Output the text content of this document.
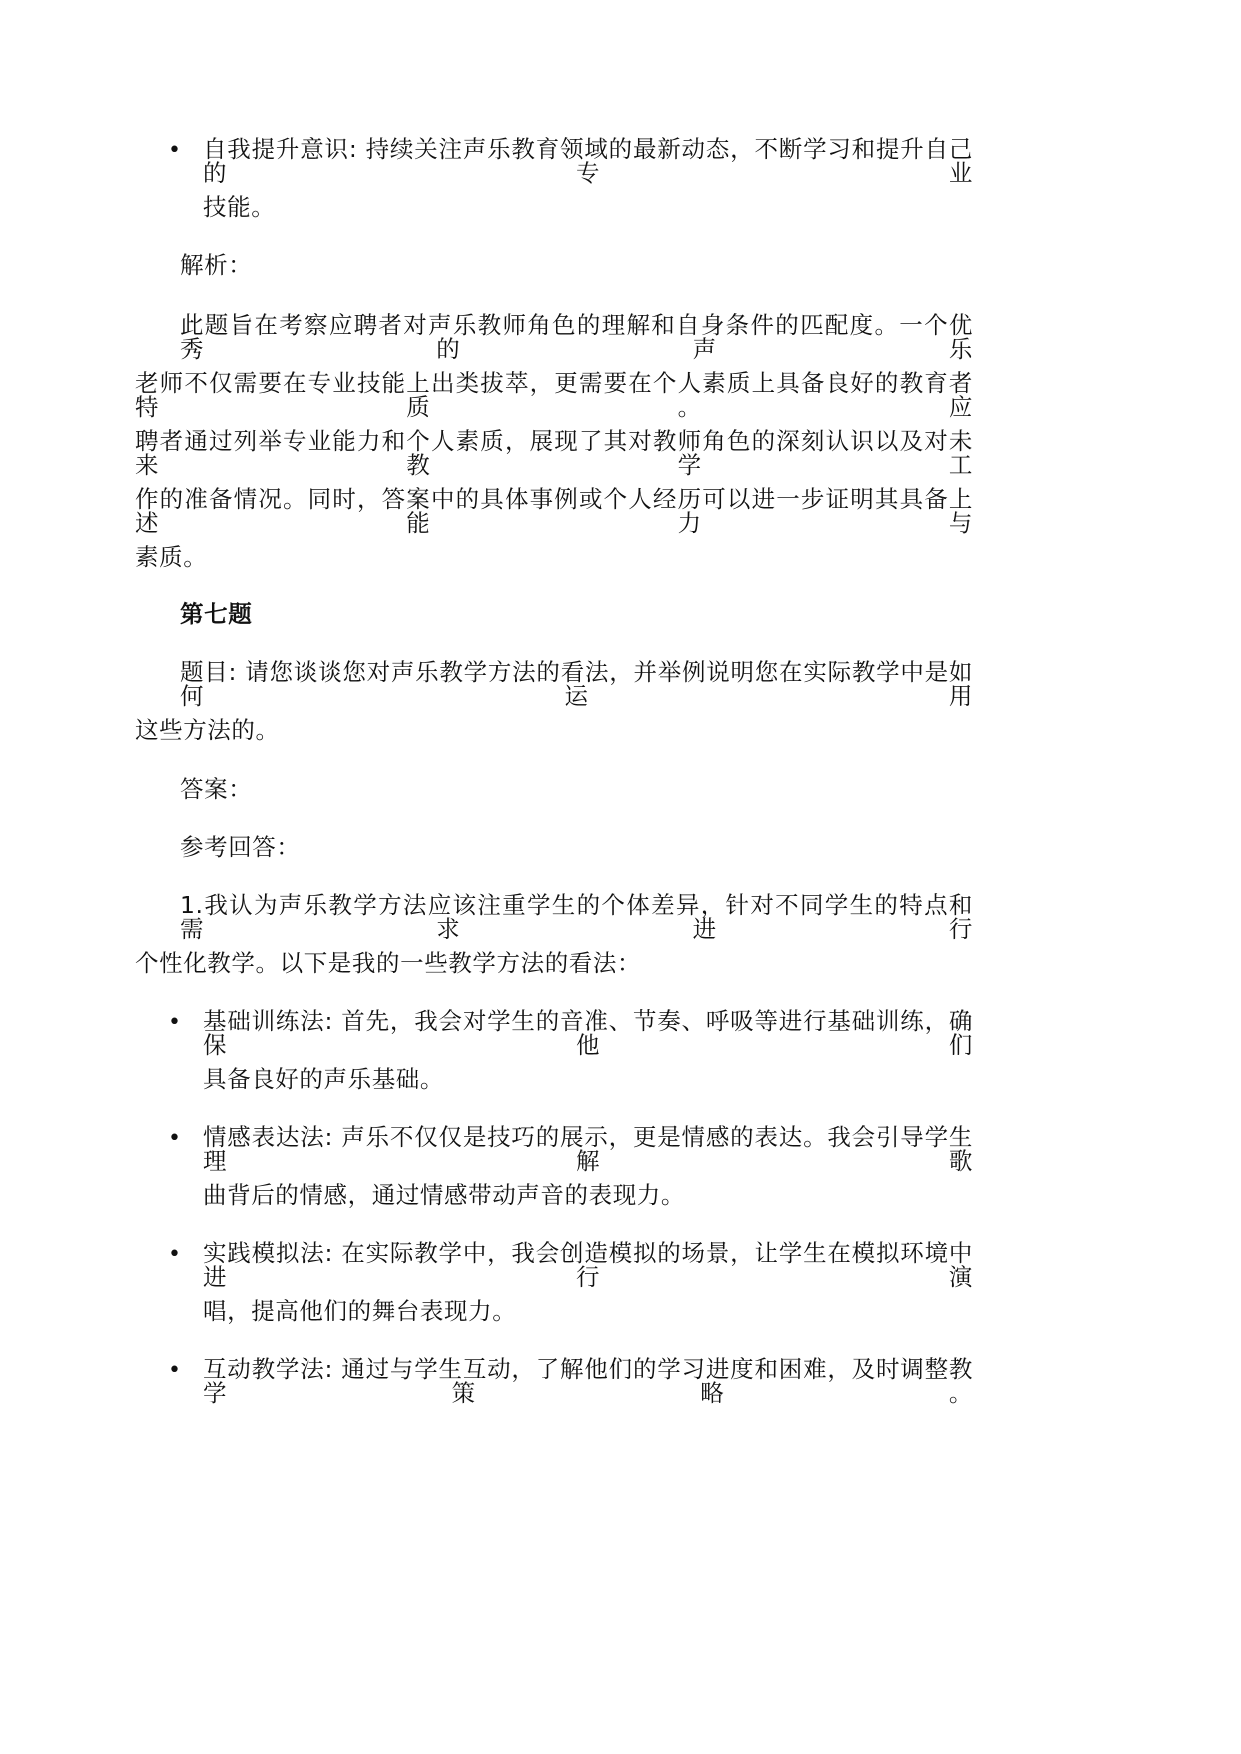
• 自我提升意识: 持续关注声乐教育领域的最新动态，不断学习和提升自己的专业
技能。
解析：
此题旨在考察应聘者对声乐教师角色的理解和自身条件的匹配度。一个优秀的声乐
老师不仅需要在专业技能上出类拔萃，更需要在个人素质上具备良好的教育者特质。应
聘者通过列举专业能力和个人素质，展现了其对教师角色的深刻认识以及对未来教学工
作的准备情况。同时，答案中的具体事例或个人经历可以进一步证明其具备上述能力与
素质。
第七题
题目: 请您谈谈您对声乐教学方法的看法，并举例说明您在实际教学中是如何运用
这些方法的。
答案：
参考回答：
1.我认为声乐教学方法应该注重学生的个体差异，针对不同学生的特点和需求进行
个性化教学。以下是我的一些教学方法的看法：
• 基础训练法: 首先，我会对学生的音准、节奏、呼吸等进行基础训练，确保他们
具备良好的声乐基础。
• 情感表达法: 声乐不仅仅是技巧的展示，更是情感的表达。我会引导学生理解歌
曲背后的情感，通过情感带动声音的表现力。
• 实践模拟法: 在实际教学中，我会创造模拟的场景，让学生在模拟环境中进行演
唱，提高他们的舞台表现力。
• 互动教学法: 通过与学生互动，了解他们的学习进度和困难，及时调整教学策略。
